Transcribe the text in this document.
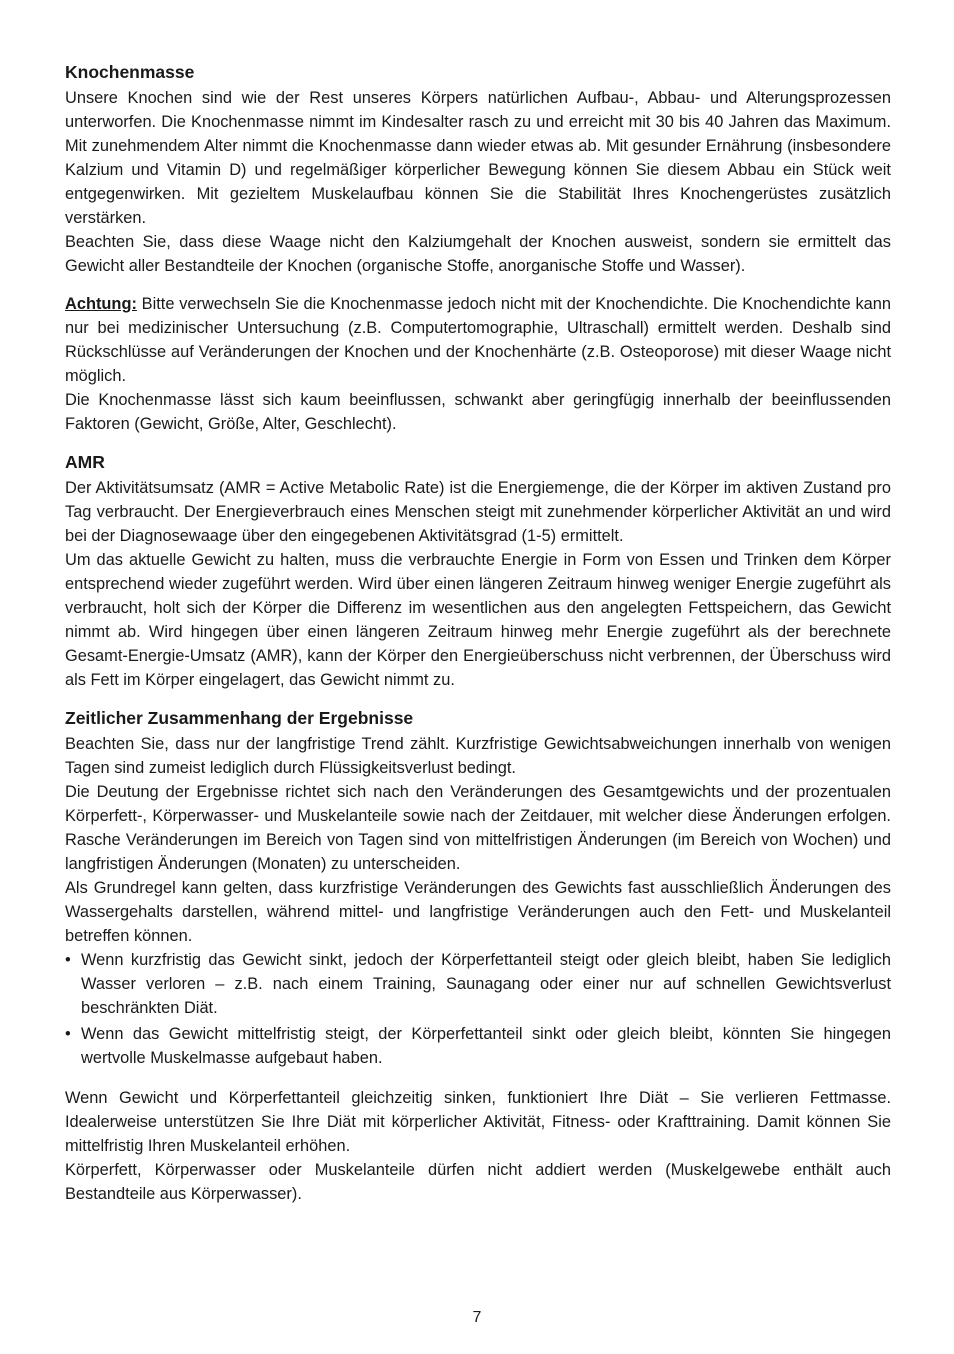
Knochenmasse

Unsere Knochen sind wie der Rest unseres Körpers natürlichen Aufbau-, Abbau- und Alterungsprozessen unterworfen. Die Knochenmasse nimmt im Kindesalter rasch zu und erreicht mit 30 bis 40 Jahren das Maximum. Mit zunehmendem Alter nimmt die Knochenmasse dann wieder etwas ab. Mit gesunder Ernährung (insbesondere Kalzium und Vitamin D) und regelmäßiger körperlicher Bewegung können Sie diesem Abbau ein Stück weit entgegenwirken. Mit gezieltem Muskelaufbau können Sie die Stabilität Ihres Knochengerüstes zusätzlich verstärken.

Beachten Sie, dass diese Waage nicht den Kalziumgehalt der Knochen ausweist, sondern sie ermittelt das Gewicht aller Bestandteile der Knochen (organische Stoffe, anorganische Stoffe und Wasser).

Achtung: Bitte verwechseln Sie die Knochenmasse jedoch nicht mit der Knochendichte. Die Knochendichte kann nur bei medizinischer Untersuchung (z.B. Computertomographie, Ultraschall) ermittelt werden. Deshalb sind Rückschlüsse auf Veränderungen der Knochen und der Knochenhärte (z.B. Osteoporose) mit dieser Waage nicht möglich.

Die Knochenmasse lässt sich kaum beeinflussen, schwankt aber geringfügig innerhalb der beeinflussenden Faktoren (Gewicht, Größe, Alter, Geschlecht).

AMR

Der Aktivitätsumsatz (AMR = Active Metabolic Rate) ist die Energiemenge, die der Körper im aktiven Zustand pro Tag verbraucht. Der Energieverbrauch eines Menschen steigt mit zunehmender körperlicher Aktivität an und wird bei der Diagnosewaage über den eingegebenen Aktivitätsgrad (1-5) ermittelt.

Um das aktuelle Gewicht zu halten, muss die verbrauchte Energie in Form von Essen und Trinken dem Körper entsprechend wieder zugeführt werden. Wird über einen längeren Zeitraum hinweg weniger Energie zugeführt als verbraucht, holt sich der Körper die Differenz im wesentlichen aus den angelegten Fettspeichern, das Gewicht nimmt ab. Wird hingegen über einen längeren Zeitraum hinweg mehr Energie zugeführt als der berechnete Gesamt-Energie-Umsatz (AMR), kann der Körper den Energieüberschuss nicht verbrennen, der Überschuss wird als Fett im Körper eingelagert, das Gewicht nimmt zu.

Zeitlicher Zusammenhang der Ergebnisse

Beachten Sie, dass nur der langfristige Trend zählt. Kurzfristige Gewichtsabweichungen innerhalb von wenigen Tagen sind zumeist lediglich durch Flüssigkeitsverlust bedingt.

Die Deutung der Ergebnisse richtet sich nach den Veränderungen des Gesamtgewichts und der prozentualen Körperfett-, Körperwasser- und Muskelanteile sowie nach der Zeitdauer, mit welcher diese Änderungen erfolgen. Rasche Veränderungen im Bereich von Tagen sind von mittelfristigen Änderungen (im Bereich von Wochen) und langfristigen Änderungen (Monaten) zu unterscheiden.

Als Grundregel kann gelten, dass kurzfristige Veränderungen des Gewichts fast ausschließlich Änderungen des Wassergehalts darstellen, während mittel- und langfristige Veränderungen auch den Fett- und Muskelanteil betreffen können.

• Wenn kurzfristig das Gewicht sinkt, jedoch der Körperfettanteil steigt oder gleich bleibt, haben Sie lediglich Wasser verloren – z.B. nach einem Training, Saunagang oder einer nur auf schnellen Gewichtsverlust beschränkten Diät.
• Wenn das Gewicht mittelfristig steigt, der Körperfettanteil sinkt oder gleich bleibt, könnten Sie hingegen wertvolle Muskelmasse aufgebaut haben.

Wenn Gewicht und Körperfettanteil gleichzeitig sinken, funktioniert Ihre Diät – Sie verlieren Fettmasse. Idealerweise unterstützen Sie Ihre Diät mit körperlicher Aktivität, Fitness- oder Krafttraining. Damit können Sie mittelfristig Ihren Muskelanteil erhöhen.

Körperfett, Körperwasser oder Muskelanteile dürfen nicht addiert werden (Muskelgewebe enthält auch Bestandteile aus Körperwasser).

7
